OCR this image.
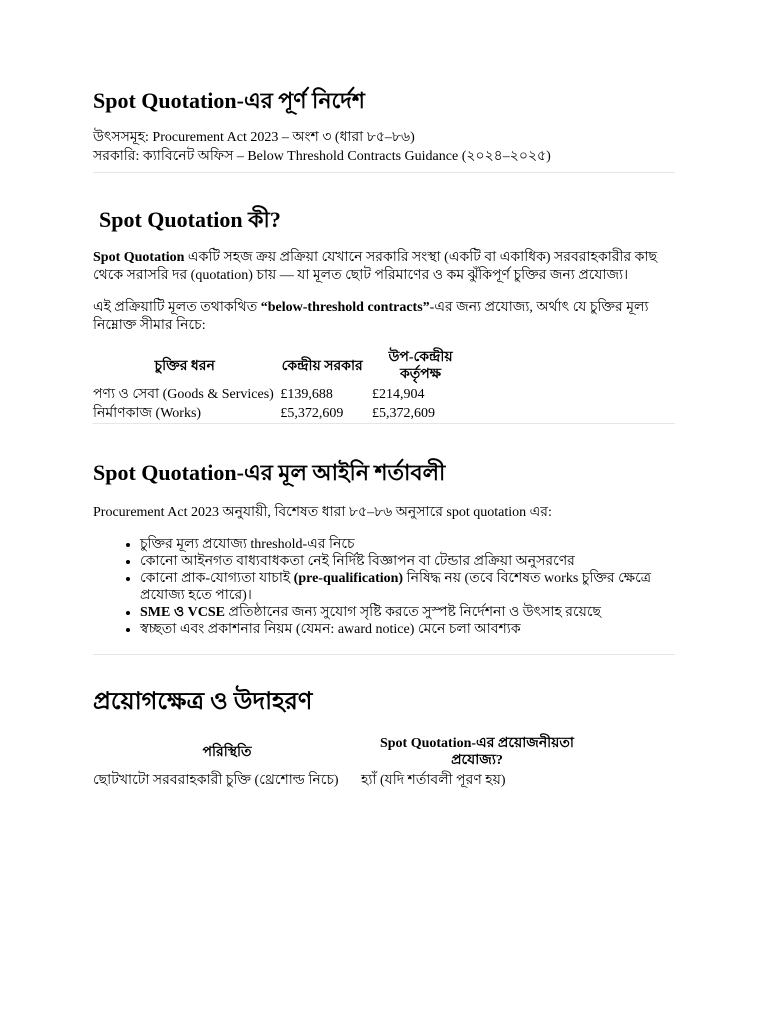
Spot Quotation-এর পূর্ণ নির্দেশ
উৎসসমূহ: Procurement Act 2023 – অংশ ৩ (ধারা ৮৫–৮৬)
সরকারি: ক্যাবিনেট অফিস – Below Threshold Contracts Guidance (২০২৪–২০২৫)
Spot Quotation কী?

Spot Quotation একটি সহজ ক্রয় প্রক্রিয়া যেখানে সরকারি সংস্থা (একটি বা একাধিক) সরবরাহকারীর কাছ থেকে সরাসরি দর (quotation) চায় — যা মূলত ছোট পরিমাণের ও কম ঝুঁকিপূর্ণ চুক্তির জন্য প্রযোজ্য।

এই প্রক্রিয়াটি মূলত তথাকথিত “below-threshold contracts”-এর জন্য প্রযোজ্য, অর্থাৎ যে চুক্তির মূল্য নিম্নোক্ত সীমার নিচে:

চুক্তির ধরন	কেন্দ্রীয় সরকার	উপ-কেন্দ্রীয় কর্তৃপক্ষ
পণ্য ও সেবা (Goods & Services)	£139,688	£214,904
নির্মাণকাজ (Works)	£5,372,609	£5,372,609
Spot Quotation-এর মূল আইনি শর্তাবলী

Procurement Act 2023 অনুযায়ী, বিশেষত ধারা ৮৫–৮৬ অনুসারে spot quotation এর:

• চুক্তির মূল্য প্রযোজ্য threshold-এর নিচে
• কোনো আইনগত বাধ্যবাধকতা নেই নির্দিষ্ট বিজ্ঞাপন বা টেন্ডার প্রক্রিয়া অনুসরণের
• কোনো প্রাক-যোগ্যতা যাচাই (pre-qualification) নিষিদ্ধ নয় (তবে বিশেষত works চুক্তির ক্ষেত্রে প্রযোজ্য হতে পারে)।
• SME ও VCSE প্রতিষ্ঠানের জন্য সুযোগ সৃষ্টি করতে সুস্পষ্ট নির্দেশনা ও উৎসাহ রয়েছে
• স্বচ্ছতা এবং প্রকাশনার নিয়ম (যেমন: award notice) মেনে চলা আবশ্যক
প্রয়োগক্ষেত্র ও উদাহরণ
পরিস্থিতি	Spot Quotation-এর প্রয়োজনীয়তা প্রযোজ্য?
ছোটখাটো সরবরাহকারী চুক্তি (থ্রেশোল্ড নিচে)	হ্যাঁ (যদি শর্তাবলী পূরণ হয়)
